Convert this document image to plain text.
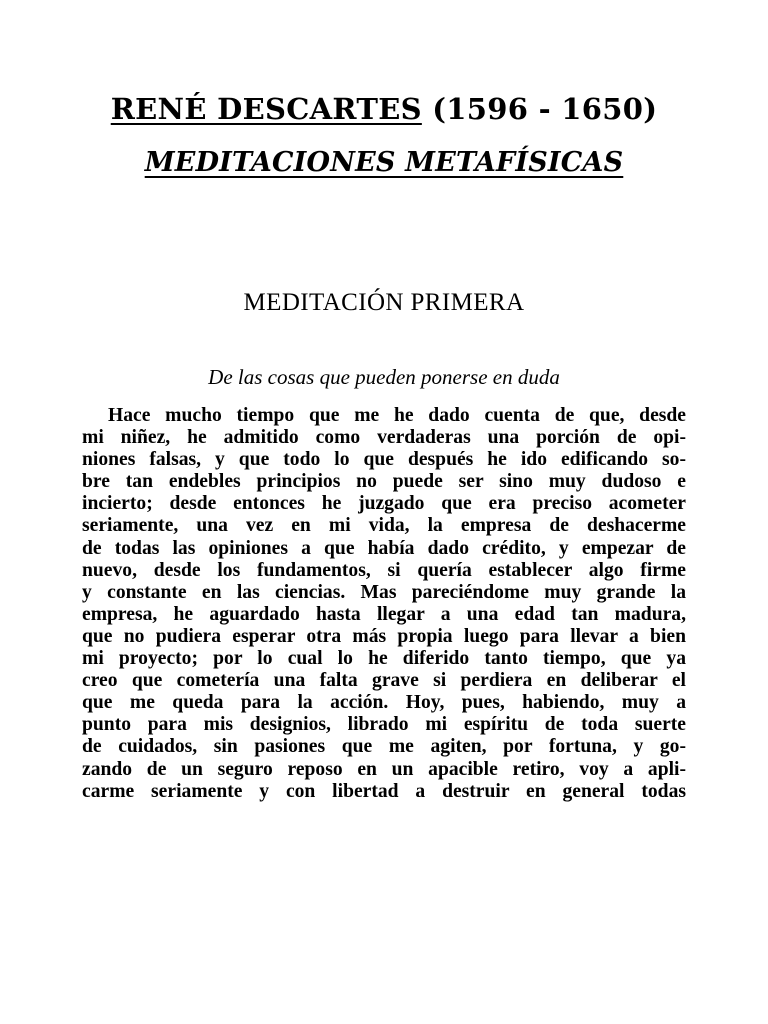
RENÉ DESCARTES (1596 - 1650)
MEDITACIONES METAFÍSICAS
MEDITACIÓN PRIMERA
De las cosas que pueden ponerse en duda
Hace mucho tiempo que me he dado cuenta de que, desde
mi niñez, he admitido como verdaderas una porción de opi-
niones falsas, y que todo lo que después he ido edificando so-
bre tan endebles principios no puede ser sino muy dudoso e
incierto; desde entonces he juzgado que era preciso acometer
seriamente, una vez en mi vida, la empresa de deshacerme
de todas las opiniones a que había dado crédito, y empezar de
nuevo, desde los fundamentos, si quería establecer algo firme
y constante en las ciencias. Mas pareciéndome muy grande la
empresa, he aguardado hasta llegar a una edad tan madura,
que no pudiera esperar otra más propia luego para llevar a bien
mi proyecto; por lo cual lo he diferido tanto tiempo, que ya
creo que cometería una falta grave si perdiera en deliberar el
que me queda para la acción. Hoy, pues, habiendo, muy a
punto para mis designios, librado mi espíritu de toda suerte
de cuidados, sin pasiones que me agiten, por fortuna, y go-
zando de un seguro reposo en un apacible retiro, voy a apli-
carme seriamente y con libertad a destruir en general todas
